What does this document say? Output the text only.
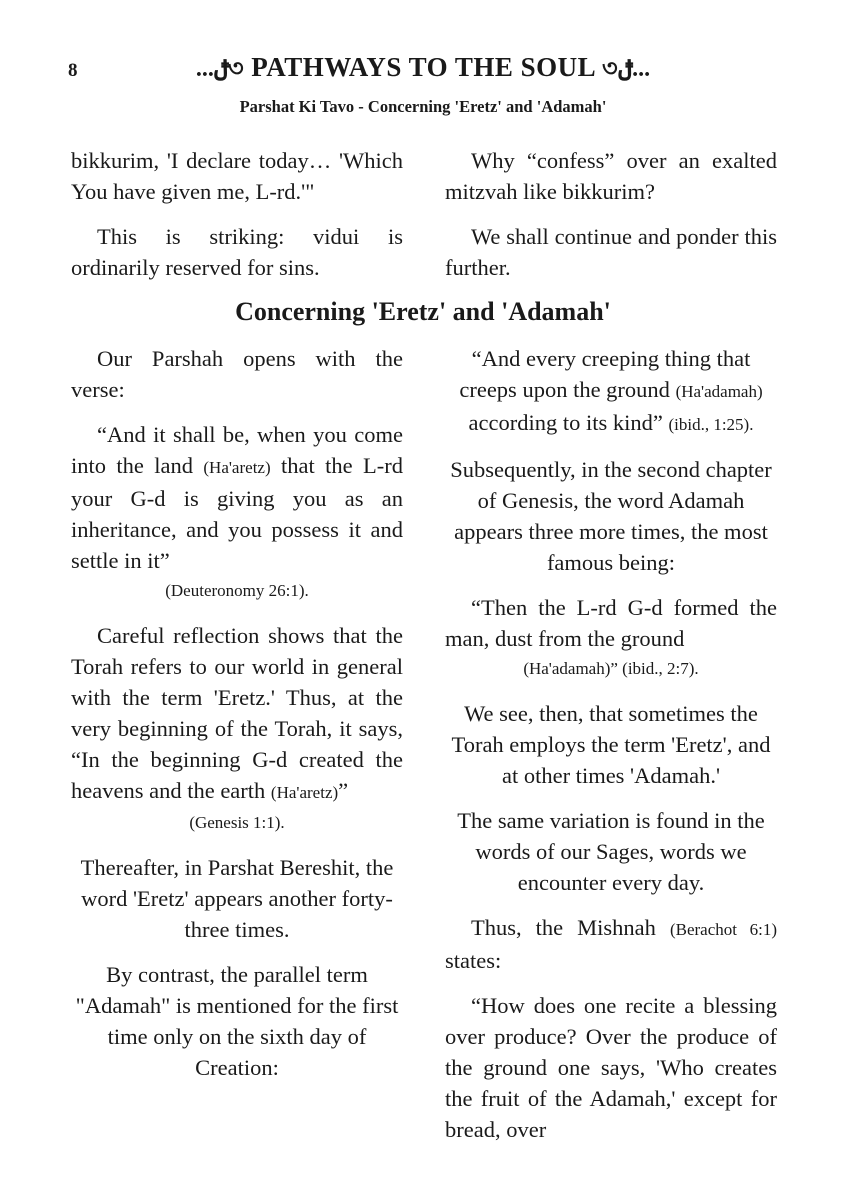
8	...ࢦ৩ PATHWAYS TO THE SOUL ৩ࢦ...
Parshat Ki Tavo - Concerning 'Eretz' and 'Adamah'

bikkurim, 'I declare today… 'Which You have given me, L-rd.'"

This is striking: vidui is ordinarily reserved for sins.

Why “confess” over an exalted mitzvah like bikkurim?

We shall continue and ponder this further.

Concerning 'Eretz' and 'Adamah'

Our Parshah opens with the verse:

“And it shall be, when you come into the land (Ha'aretz) that the L-rd your G-d is giving you as an inheritance, and you possess it and settle in it”

(Deuteronomy 26:1).

Careful reflection shows that the Torah refers to our world in general with the term 'Eretz.' Thus, at the very beginning of the Torah, it says, “In the beginning G-d created the heavens and the earth (Ha'aretz)”

(Genesis 1:1).

Thereafter, in Parshat Bereshit, the word 'Eretz' appears another forty-three times.

By contrast, the parallel term "Adamah" is mentioned for the first time only on the sixth day of Creation:

“And every creeping thing that creeps upon the ground (Ha'adamah) according to its kind” (ibid., 1:25).

Subsequently, in the second chapter of Genesis, the word Adamah appears three more times, the most famous being:

“Then the L-rd G-d formed the man, dust from the ground

(Ha'adamah)” (ibid., 2:7).

We see, then, that sometimes the Torah employs the term 'Eretz', and at other times 'Adamah.'

The same variation is found in the words of our Sages, words we encounter every day.

Thus, the Mishnah (Berachot 6:1) states:

“How does one recite a blessing over produce? Over the produce of the ground one says, 'Who creates the fruit of the Adamah,' except for bread, over
